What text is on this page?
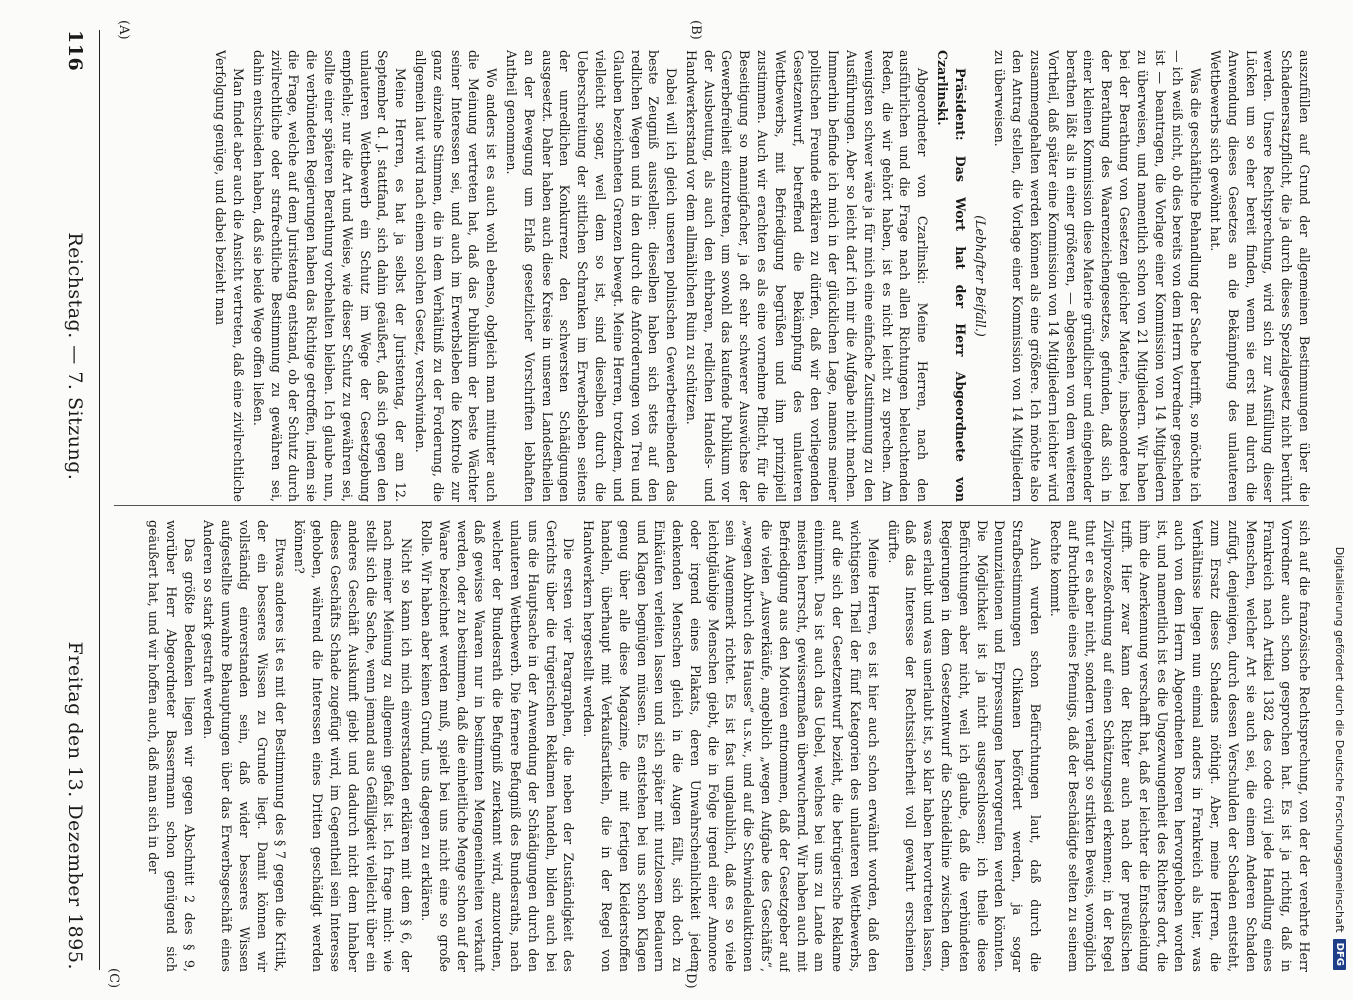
Digitalisierung gefördert durch die Deutsche Forschungsgemeinschaft
DFG
116
Reichstag. — 7. Sitzung.
Freitag den 13. Dezember 1895.
(A)	(B)
(C)	(D)

auszufüllen auf Grund der allgemeinen Bestimmungen über die Schadenersatzpflicht, die ja durch dieses Spezialgesetz nicht berührt werden. Unsere Rechtsprechung, wird sich zur Ausfüllung dieser Lücken um so eher bereit finden, wenn sie erst mal durch die Anwendung dieses Gesetzes an die Bekämpfung des unlauteren Wettbewerbs sich gewöhnt hat.

Was die geschäftliche Behandlung der Sache betrifft, so möchte ich — ich weiß nicht, ob dies bereits von dem Herrn Vorredner geschehen ist — beantragen, die Vorlage einer Kommission von 14 Mitgliedern zu überweisen, und namentlich schon von 21 Mitgliedern. Wir haben bei der Berathung von Gesetzen gleicher Materie, insbesondere bei der Berathung des Waarenzeichengesetzes, gefunden, daß sich in einer kleinen Kommission diese Materie gründlicher und eingehender berathen läßt als in einer größeren, — abgesehen von dem weiteren Vortheil, daß später eine Kommission von 14 Mitgliedern leichter wird zusammengehalten werden können als eine größere. Ich möchte also den Antrag stellen, die Vorlage einer Kommission von 14 Mitgliedern zu überweisen.

(Lebhafter Beifall.)

Präsident: Das Wort hat der Herr Abgeordnete von Czarlinski.

Abgeordneter von Czarlinski: Meine Herren, nach den ausführlichen und die Frage nach allen Richtungen beleuchtenden Reden, die wir gehört haben, ist es nicht leicht zu sprechen. Am wenigsten schwer wäre ja für mich eine einfache Zustimmung zu den Ausführungen. Aber so leicht darf ich mir die Aufgabe nicht machen. Immerhin befinde ich mich in der glücklichen Lage, namens meiner politischen Freunde erklären zu dürfen, daß wir den vorliegenden Gesetzentwurf, betreffend die Bekämpfung des unlauteren Wettbewerbs, mit Befriedigung begrüßen und ihm prinzipiell zustimmen. Auch wir erachten es als eine vornehme Pflicht, für die Beseitigung so mannigfacher, ja oft sehr schwerer Auswüchse der Gewerbefreiheit einzutreten, um sowohl das kaufende Publikum vor der Ausbeutung, als auch den ehrbaren, redlichen Handels- und Handwerkerstand vor dem allmählichen Ruin zu schützen.

Dabei will ich gleich unseren polnischen Gewerbetreibenden das beste Zeugniß ausstellen: dieselben haben sich stets auf den redlichen Wegen und in den durch die Anforderungen von Treu und Glauben bezeichneten Grenzen bewegt. Meine Herren, trotzdem, und vielleicht sogar, weil dem so ist, sind dieselben durch die Ueberschreitung der sittlichen Schranken im Erwerbsleben seitens der unredlichen Konkurrenz den schwersten Schädigungen ausgesetzt. Daher haben auch diese Kreise in unseren Landestheilen an der Bewegung um Erlaß gesetzlicher Vorschriften lebhaften Antheil genommen.

Wo anders ist es auch wohl ebenso, obgleich man mitunter auch die Meinung vertreten hat, daß das Publikum der beste Wächter seiner Interessen sei, und auch im Erwerbsleben die Kontrole zur ganz einzelne Stimmen, die in dem Verhältniß zu der Forderung, die allgemein laut wird nach einem solchen Gesetz, verschwinden.

Meine Herren, es hat ja selbst der Juristentag, der am 12. September d. J. stattfand, sich dahin geäußert, daß sich gegen den unlauteren Wettbewerb ein Schutz im Wege der Gesetzgebung empfiehle; nur die Art und Weise, wie dieser Schutz zu gewähren sei, sollte einer späteren Berathung vorbehalten bleiben. Ich glaube nun, die verbündeten Regierungen haben das Richtige getroffen, indem sie die Frage, welche auf dem Juristentag entstand, ob der Schutz durch zivilrechtliche oder strafrechtliche Bestimmung zu gewähren sei, dahin entschieden haben, daß sie beide Wege offen ließen.

Man findet aber auch die Ansicht vertreten, daß eine zivilrechtliche Verfolgung genüge, und dabei bezieht man

sich auf die französische Rechtsprechung, von der der verehrte Herr Vorredner auch schon gesprochen hat. Es ist ja richtig, daß in Frankreich nach Artikel 1382 des code civil jede Handlung eines Menschen, welcher Art sie auch sei, die einem Anderen Schaden zufügt, denjenigen, durch dessen Verschulden der Schaden entsteht, zum Ersatz dieses Schadens nöthigt. Aber, meine Herren, die Verhältnisse liegen nun einmal anders in Frankreich als hier, was auch von dem Herrn Abgeordneten Roeren hervorgehoben worden ist, und namentlich ist es die Ungezwungenheit des Richters dort, die ihm die Anerkennung verschafft hat, daß er leichter die Entscheidung trifft. Hier zwar kann der Richter auch nach der preußischen Zivilprozeßordnung auf einen Schätzungseid erkennen; in der Regel thut er es aber nicht, sondern verlangt so strikten Beweis, womöglich auf Bruchtheile eines Pfennigs, daß der Beschädigte selten zu seinem Rechte kommt.

Auch wurden schon Befürchtungen laut, daß durch die Strafbestimmungen Chikanen befördert werden, ja sogar Denunziationen und Erpressungen hervorgerufen werden könnten. Die Möglichkeit ist ja nicht ausgeschlossen; ich theile diese Befürchtungen aber nicht, weil ich glaube, daß die verbündeten Regierungen in dem Gesetzentwurf die Scheidelinie zwischen dem, was erlaubt und was unerlaubt ist, so klar haben hervortreten lassen, daß das Interesse der Rechtssicherheit voll gewahrt erscheinen dürfte.

Meine Herren, es ist hier auch schon erwähnt worden, daß den wichtigsten Theil der fünf Kategorien des unlauteren Wettbewerbs, auf die sich der Gesetzentwurf bezieht, die betrügerische Reklame einnimmt. Das ist auch das Uebel, welches bei uns zu Lande am meisten herrscht, gewissermaßen überwuchernd. Wir haben auch mit Befriedigung aus den Motiven entnommen, daß der Gesetzgeber auf die vielen „Ausverkäufe, angeblich „wegen Aufgabe des Geschäfts“, „wegen Abbruch des Hauses“ u.s.w., und auf die Schwindelauktionen sein Augenmerk richtet. Es ist fast unglaublich, daß es so viele leichtgläubige Menschen giebt, die in Folge irgend einer Annonce oder irgend eines Plakats, deren Unwahrscheinlichkeit jedem denkenden Menschen gleich in die Augen fällt, sich doch zu Einkäufen verleiten lassen und sich später mit nutzlosem Bedauern und Klagen begnügen müssen. Es entstehen bei uns schon Klagen genug über alle diese Magazine, die mit fertigen Kleiderstoffen handeln, überhaupt mit Verkaufsartikeln, die in der Regel von Handwerkern hergestellt werden.

Die ersten vier Paragraphen, die neben der Zuständigkeit des Gerichts über die trügerischen Reklamen handeln, bilden auch bei uns die Hauptsache in der Anwendung der Schädigungen durch den unlauteren Wettbewerb. Die fernere Befugniß des Bundesraths, nach welcher der Bundesrath die Befugniß zuerkannt wird, anzuordnen, daß gewisse Waaren nur in bestimmten Mengeneinheiten verkauft werden, oder zu bestimmen, daß die einheitliche Menge schon auf der Waare bezeichnet werden muß, spielt bei uns nicht eine so große Rolle. Wir haben aber keinen Grund, uns dagegen zu erklären.

Nicht so kann ich mich einverstanden erklären mit dem § 6, der nach meiner Meinung zu allgemein gefaßt ist. Ich frage mich: wie stellt sich die Sache, wenn jemand aus Gefälligkeit vielleicht über ein anderes Geschäft Auskunft giebt und dadurch nicht dem Inhaber dieses Geschäfts Schade zugefügt wird, im Gegentheil sein Interesse gehoben, während die Interessen eines Dritten geschädigt werden können?

Etwas anderes ist es mit der Bestimmung des § 7 gegen die Kritik, der ein besseres Wissen zu Grunde liegt. Damit können wir vollständig einverstanden sein, daß wider besseres Wissen aufgestellte unwahre Behauptungen über das Erwerbsgeschäft eines Anderen so stark gestraft werden.

Das größte Bedenken liegen wir gegen Abschnitt 2 des § 9, worüber Herr Abgeordneter Bassermann schon genügend sich geäußert hat, und wir hoffen auch, daß man sich in der
